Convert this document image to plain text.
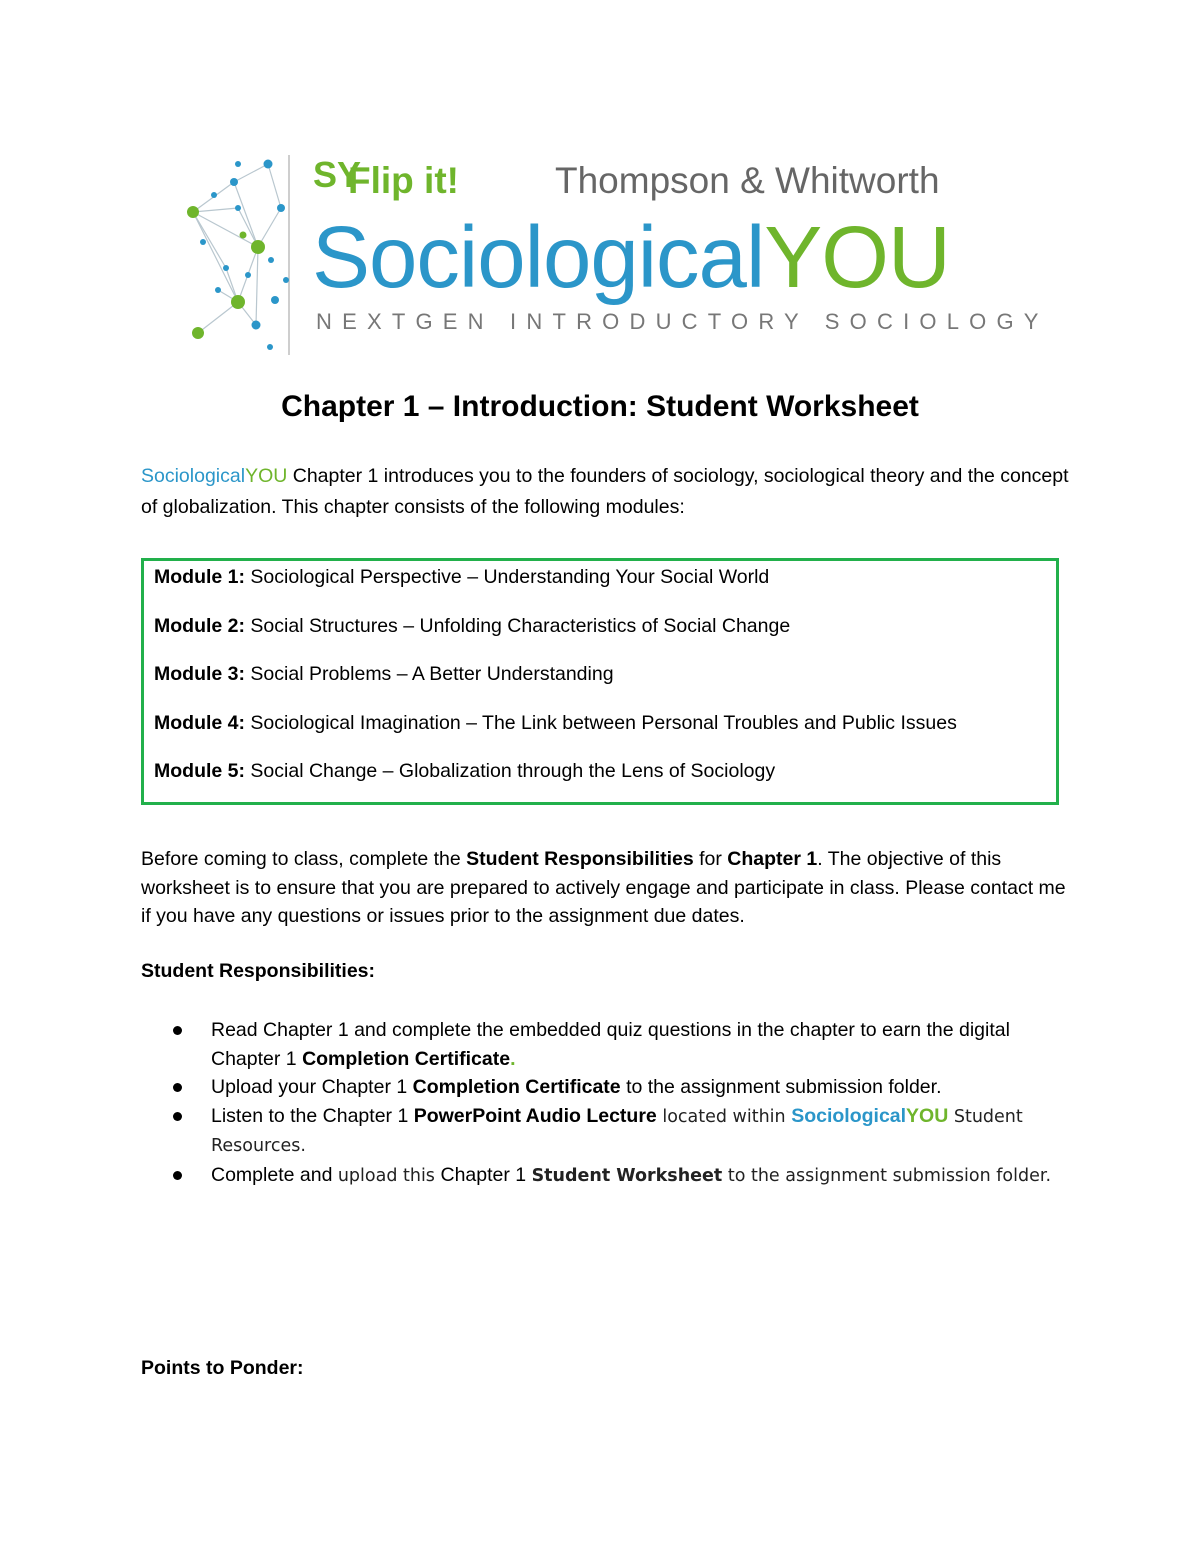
SY
Flip it!	Thompson & Whitworth
SociologicalYOU
NEXTGEN INTRODUCTORY SOCIOLOGY
Chapter 1 – Introduction: Student Worksheet
SociologicalYOU Chapter 1 introduces you to the founders of sociology, sociological theory and the concept of globalization. This chapter consists of the following modules:
Module 1: Sociological Perspective – Understanding Your Social World
Module 2: Social Structures – Unfolding Characteristics of Social Change
Module 3: Social Problems – A Better Understanding
Module 4: Sociological Imagination – The Link between Personal Troubles and Public Issues
Module 5: Social Change – Globalization through the Lens of Sociology
Before coming to class, complete the Student Responsibilities for Chapter 1. The objective of this worksheet is to ensure that you are prepared to actively engage and participate in class. Please contact me if you have any questions or issues prior to the assignment due dates.
Student Responsibilities:
Read Chapter 1 and complete the embedded quiz questions in the chapter to earn the digital Chapter 1 Completion Certificate.
Upload your Chapter 1 Completion Certificate to the assignment submission folder.
Listen to the Chapter 1 PowerPoint Audio Lecture located within SociologicalYOU Student Resources.
Complete and upload this Chapter 1 Student Worksheet to the assignment submission folder.
Points to Ponder:
